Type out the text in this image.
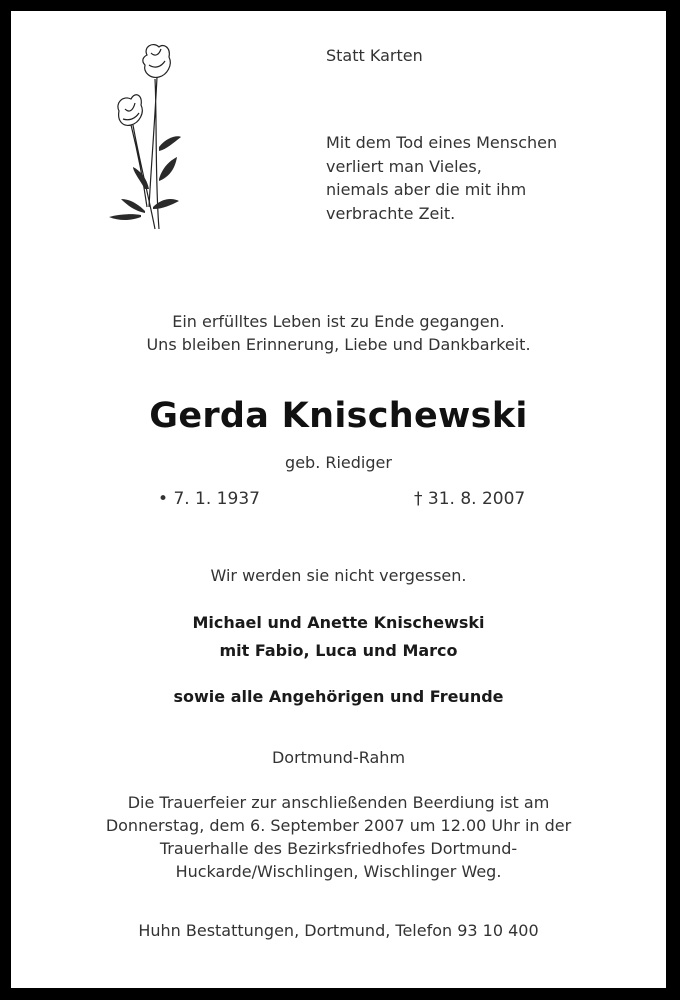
Statt Karten
Mit dem Tod eines Menschen
verliert man Vieles,
niemals aber die mit ihm
verbrachte Zeit.
Ein erfülltes Leben ist zu Ende gegangen.
Uns bleiben Erinnerung, Liebe und Dankbarkeit.
Gerda Knischewski
geb. Riediger
• 7. 1. 1937	† 31. 8. 2007
Wir werden sie nicht vergessen.
Michael und Anette Knischewski
mit Fabio, Luca und Marco
sowie alle Angehörigen und Freunde
Dortmund-Rahm
Die Trauerfeier zur anschließenden Beerdiung ist am
Donnerstag, dem 6. September 2007 um 12.00 Uhr in der
Trauerhalle des Bezirksfriedhofes Dortmund-
Huckarde/Wischlingen, Wischlinger Weg.
Huhn Bestattungen, Dortmund, Telefon 93 10 400
